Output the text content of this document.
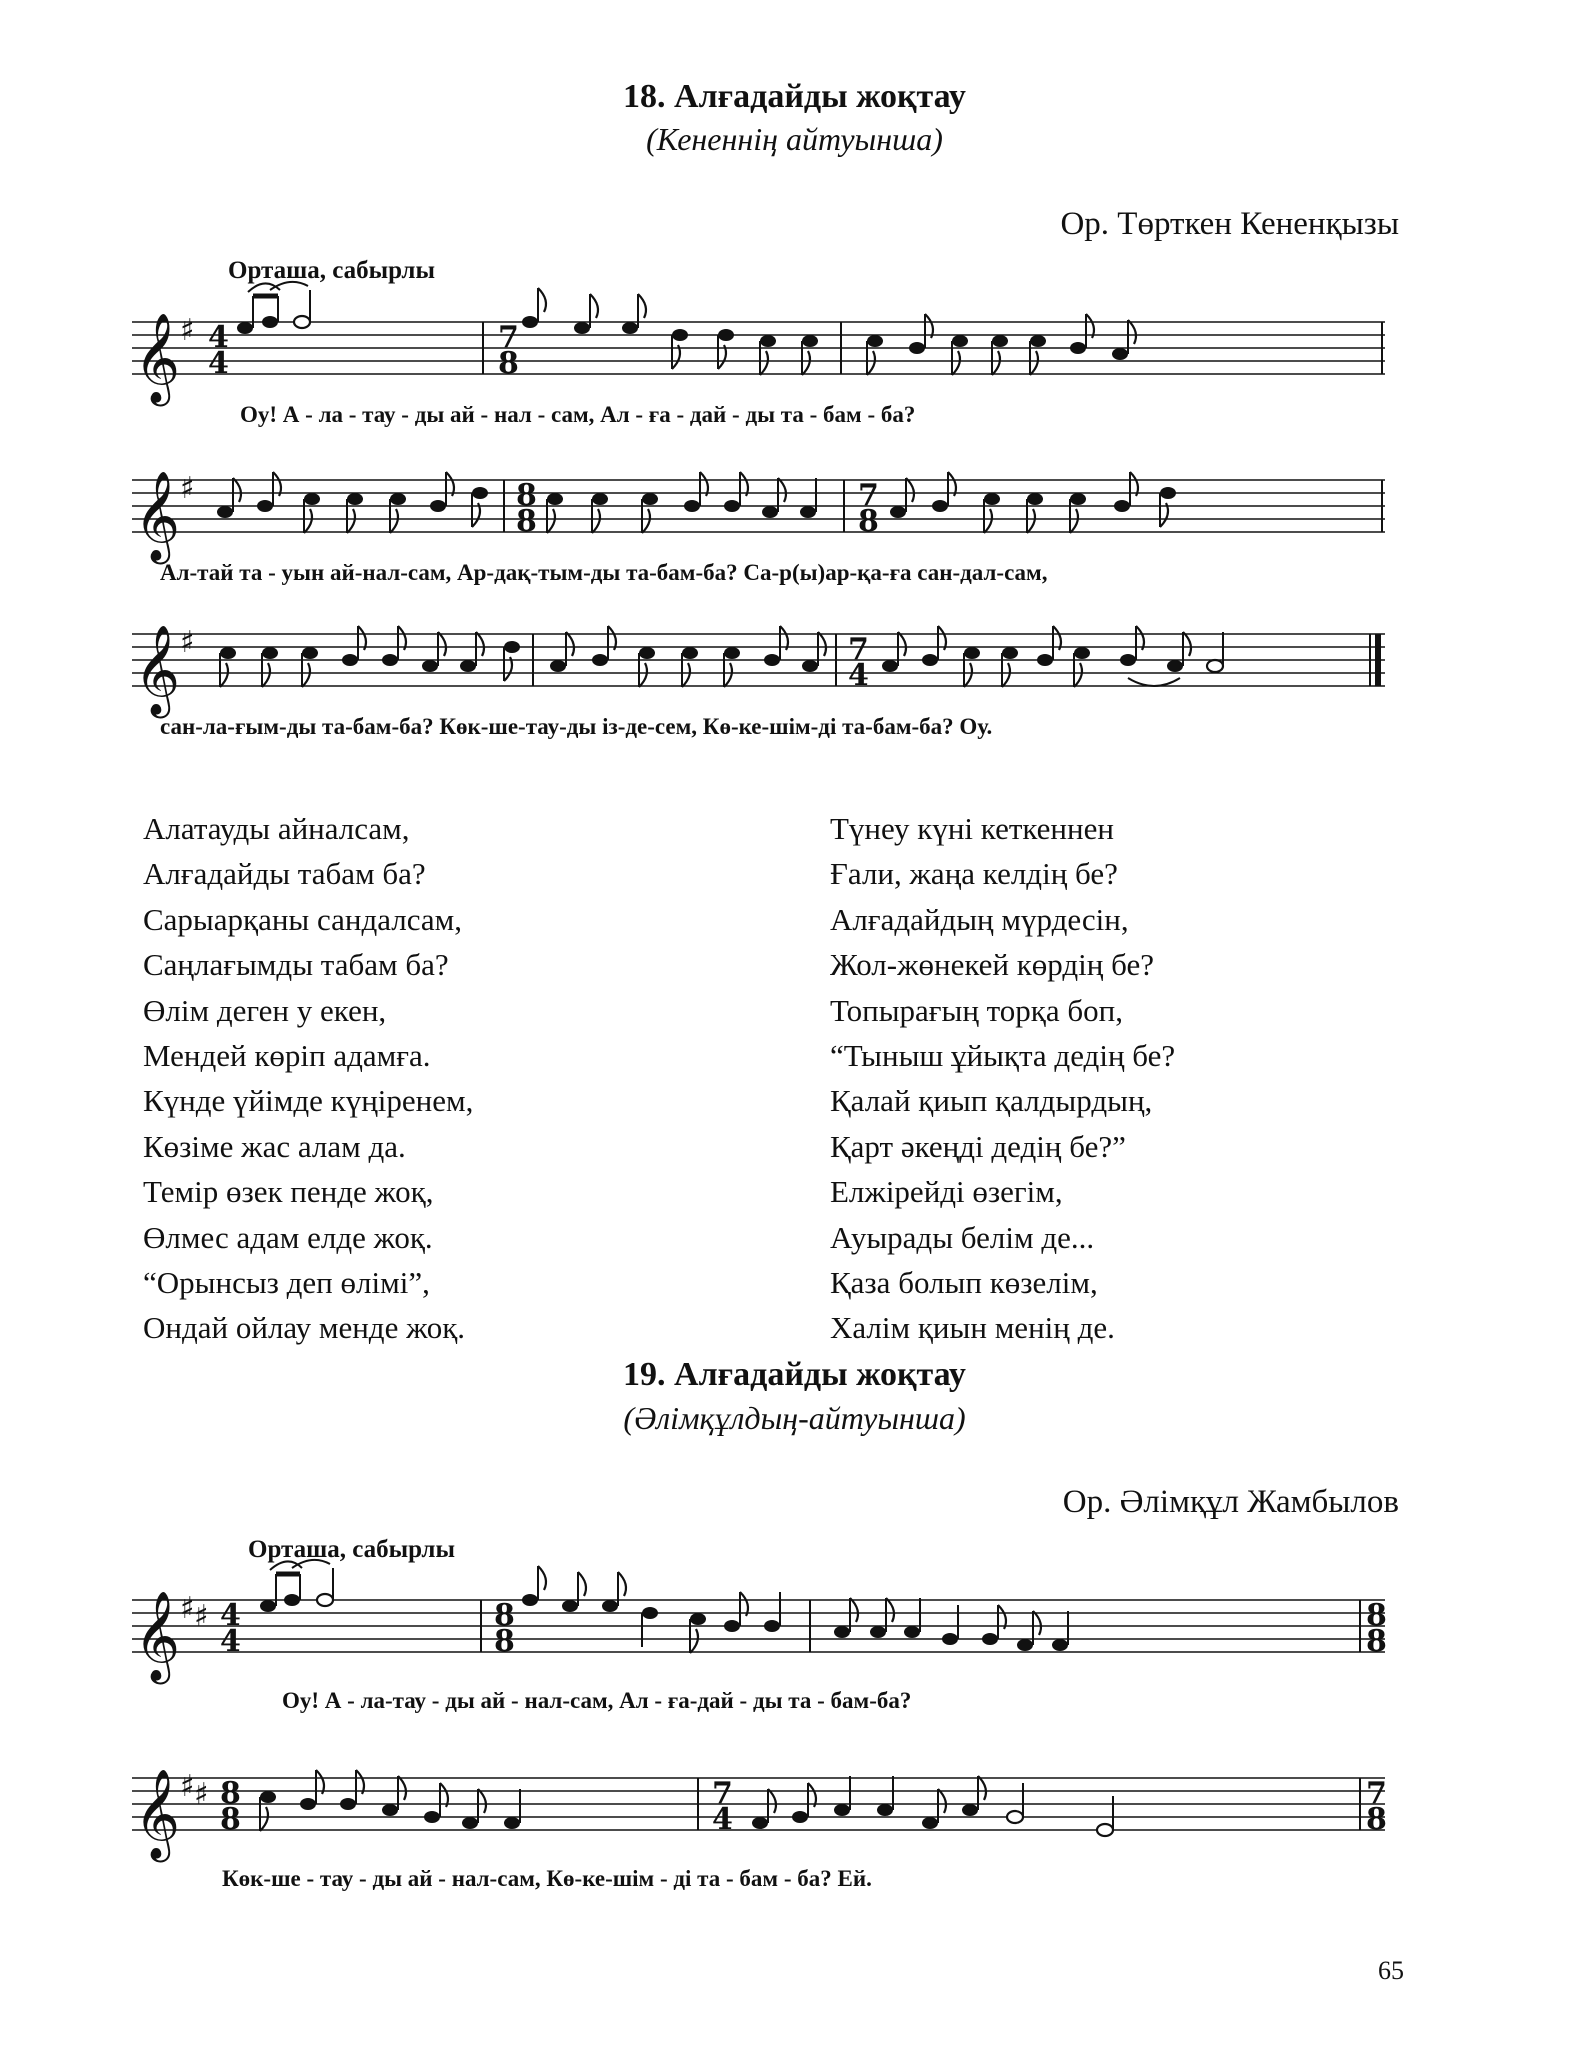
18. Алғадайды жоқтау
(Кененнің айтуынша)
Ор. Төрткен Кененқызы
Орташа, сабырлы
𝄞 ♯ 4
4
7
8
Оу! А - ла - тау - ды ай - нал - сам, Ал - ға - дай - ды та - бам - ба?
𝄞 ♯	8
8
7
8
Ал-тай та - уын ай-нал-сам, Ар-дақ-тым-ды та-бам-ба? Са-р(ы)ар-қа-ға сан-дал-сам,
𝄞 ♯	7
4
сан-ла-ғым-ды та-бам-ба? Көк-ше-тау-ды із-де-сем, Кө-ке-шім-ді та-бам-ба? Оу.
Алатауды айналсам,
Алғадайды табам ба?
Сарыарқаны сандалсам,
Саңлағымды табам ба?
Өлім деген у екен,
Мендей көріп адамға.
Күнде үйімде күңіренем,
Көзіме жас алам да.
Темір өзек пенде жоқ,
Өлмес адам елде жоқ.
“Орынсыз деп өлімі”,
Ондай ойлау менде жоқ.
Түнеу күні кеткеннен
Ғали, жаңа келдің бе?
Алғадайдың мүрдесін,
Жол-жөнекей көрдің бе?
Топырағың торқа боп,
“Тыныш ұйықта дедің бе?
Қалай қиып қалдырдың,
Қарт әкеңді дедің бе?”
Елжірейді өзегім,
Ауырады белім де...
Қаза болып көзелім,
Халім қиын менің де.
19. Алғадайды жоқтау
(Әлімқұлдың-айтуынша)
Ор. Әлімқұл Жамбылов
Орташа, сабырлы
𝄞 ♯ ♯ 4
4
8
8
8
8
Оу! А - ла-тау - ды ай - нал-сам, Ал - ға-дай - ды та - бам-ба?
𝄞 ♯ ♯ 8
8
7
4
7
8
Көк-ше - тау - ды ай - нал-сам, Кө-ке-шім - ді та - бам - ба? Ей.
65
